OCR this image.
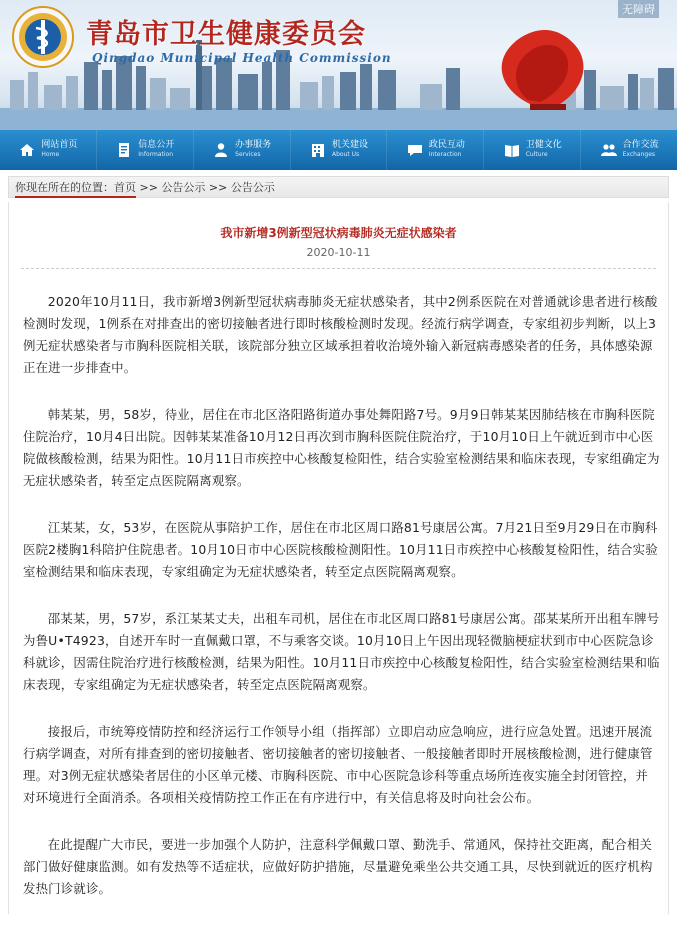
青岛市卫生健康委员会
Qingdao Municipal Health Commission
无障碍
网站首页
Home
信息公开
Information
办事服务
Services
机关建设
About Us
政民互动
Interaction
卫健文化
Culture
合作交流
Exchanges
你现在所在的位置：首页 >> 公告公示 >> 公告公示
我市新增3例新型冠状病毒肺炎无症状感染者
2020-10-11

2020年10月11日，我市新增3例新型冠状病毒肺炎无症状感染者，其中2例系医院在对普通就诊患者进行核酸检测时发现，1例系在对排查出的密切接触者进行即时核酸检测时发现。经流行病学调查，专家组初步判断，以上3例无症状感染者与市胸科医院相关联，该院部分独立区域承担着收治境外输入新冠病毒感染者的任务，具体感染源正在进一步排查中。

韩某某，男，58岁，待业，居住在市北区洛阳路街道办事处舞阳路7号。9月9日韩某某因肺结核在市胸科医院住院治疗，10月4日出院。因韩某某准备10月12日再次到市胸科医院住院治疗，于10月10日上午就近到市中心医院做核酸检测，结果为阳性。10月11日市疾控中心核酸复检阳性，结合实验室检测结果和临床表现，专家组确定为无症状感染者，转至定点医院隔离观察。

江某某，女，53岁，在医院从事陪护工作，居住在市北区周口路81号康居公寓。7月21日至9月29日在市胸科医院2楼胸1科陪护住院患者。10月10日市中心医院核酸检测阳性。10月11日市疾控中心核酸复检阳性，结合实验室检测结果和临床表现，专家组确定为无症状感染者，转至定点医院隔离观察。

邵某某，男，57岁，系江某某丈夫，出租车司机，居住在市北区周口路81号康居公寓。邵某某所开出租车牌号为鲁U•T4923，自述开车时一直佩戴口罩，不与乘客交谈。10月10日上午因出现轻微脑梗症状到市中心医院急诊科就诊，因需住院治疗进行核酸检测，结果为阳性。10月11日市疾控中心核酸复检阳性，结合实验室检测结果和临床表现，专家组确定为无症状感染者，转至定点医院隔离观察。

接报后，市统筹疫情防控和经济运行工作领导小组（指挥部）立即启动应急响应，进行应急处置。迅速开展流行病学调查，对所有排查到的密切接触者、密切接触者的密切接触者、一般接触者即时开展核酸检测，进行健康管理。对3例无症状感染者居住的小区单元楼、市胸科医院、市中心医院急诊科等重点场所连夜实施全封闭管控，并对环境进行全面消杀。各项相关疫情防控工作正在有序进行中，有关信息将及时向社会公布。

在此提醒广大市民，要进一步加强个人防护，注意科学佩戴口罩、勤洗手、常通风，保持社交距离，配合相关部门做好健康监测。如有发热等不适症状，应做好防护措施，尽量避免乘坐公共交通工具，尽快到就近的医疗机构发热门诊就诊。
